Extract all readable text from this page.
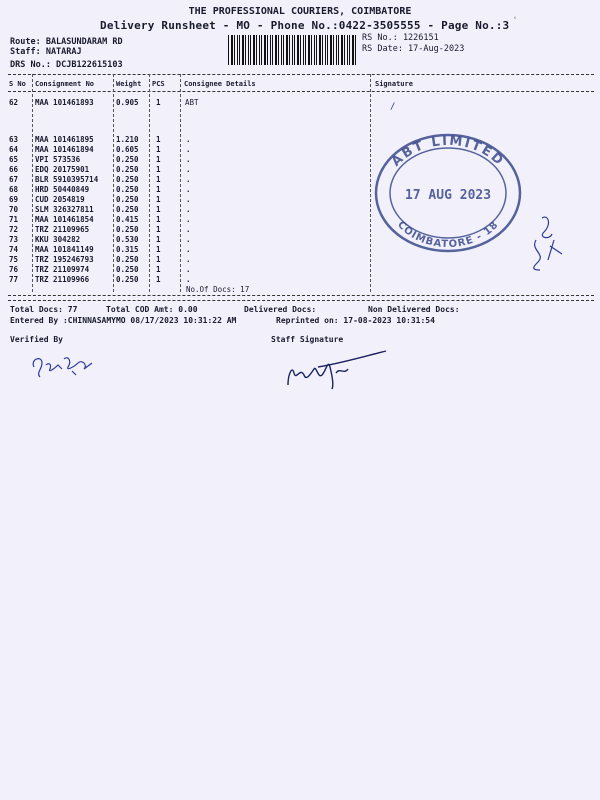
THE PROFESSIONAL COURIERS, COIMBATORE
Delivery Runsheet - MO - Phone No.:0422-3505555 - Page No.:3 ʿ
Route: BALASUNDARAM RD
Staff: NATARAJ
DRS No.: DCJB122615103
RS No.: 1226151
RS Date: 17-Aug-2023
S No Consignment No	Weight PCS	Consignee Details	Signature
62 MAA 101461893	0.905 1	ABT
63 MAA 101461895	1.210 1	.
64 MAA 101461894	0.605 1	.
65 VPI 573536	0.250 1	.
66 EDQ 20175901	0.250 1	.
67 BLR 5910395714 0.250 1	.
68 HRD 50440849	0.250 1	.
69 CUD 2054819	0.250 1	.
70 SLM 326327811	0.250 1	.
71 MAA 101461854	0.415 1	.
72 TRZ 21109965	0.250 1	.
73 KKU 304282	0.530 1	.
74 MAA 101841149	0.315 1	.
75 TRZ 195246793	0.250 1	.
76 TRZ 21109974	0.250 1	.
77 TRZ 21109966	0.250 1	.
No.Of Docs: 17
Total Docs: 77	Total COD Amt: 0.00	Delivered Docs:	Non Delivered Docs:
Entered By :CHINNASAMYMO 08/17/2023 10:31:22 AM	Reprinted on: 17-08-2023 10:31:54
Verified By	Staff Signature
ABT LIMITED
COIMBATORE - 18
17 AUG 2023
/
